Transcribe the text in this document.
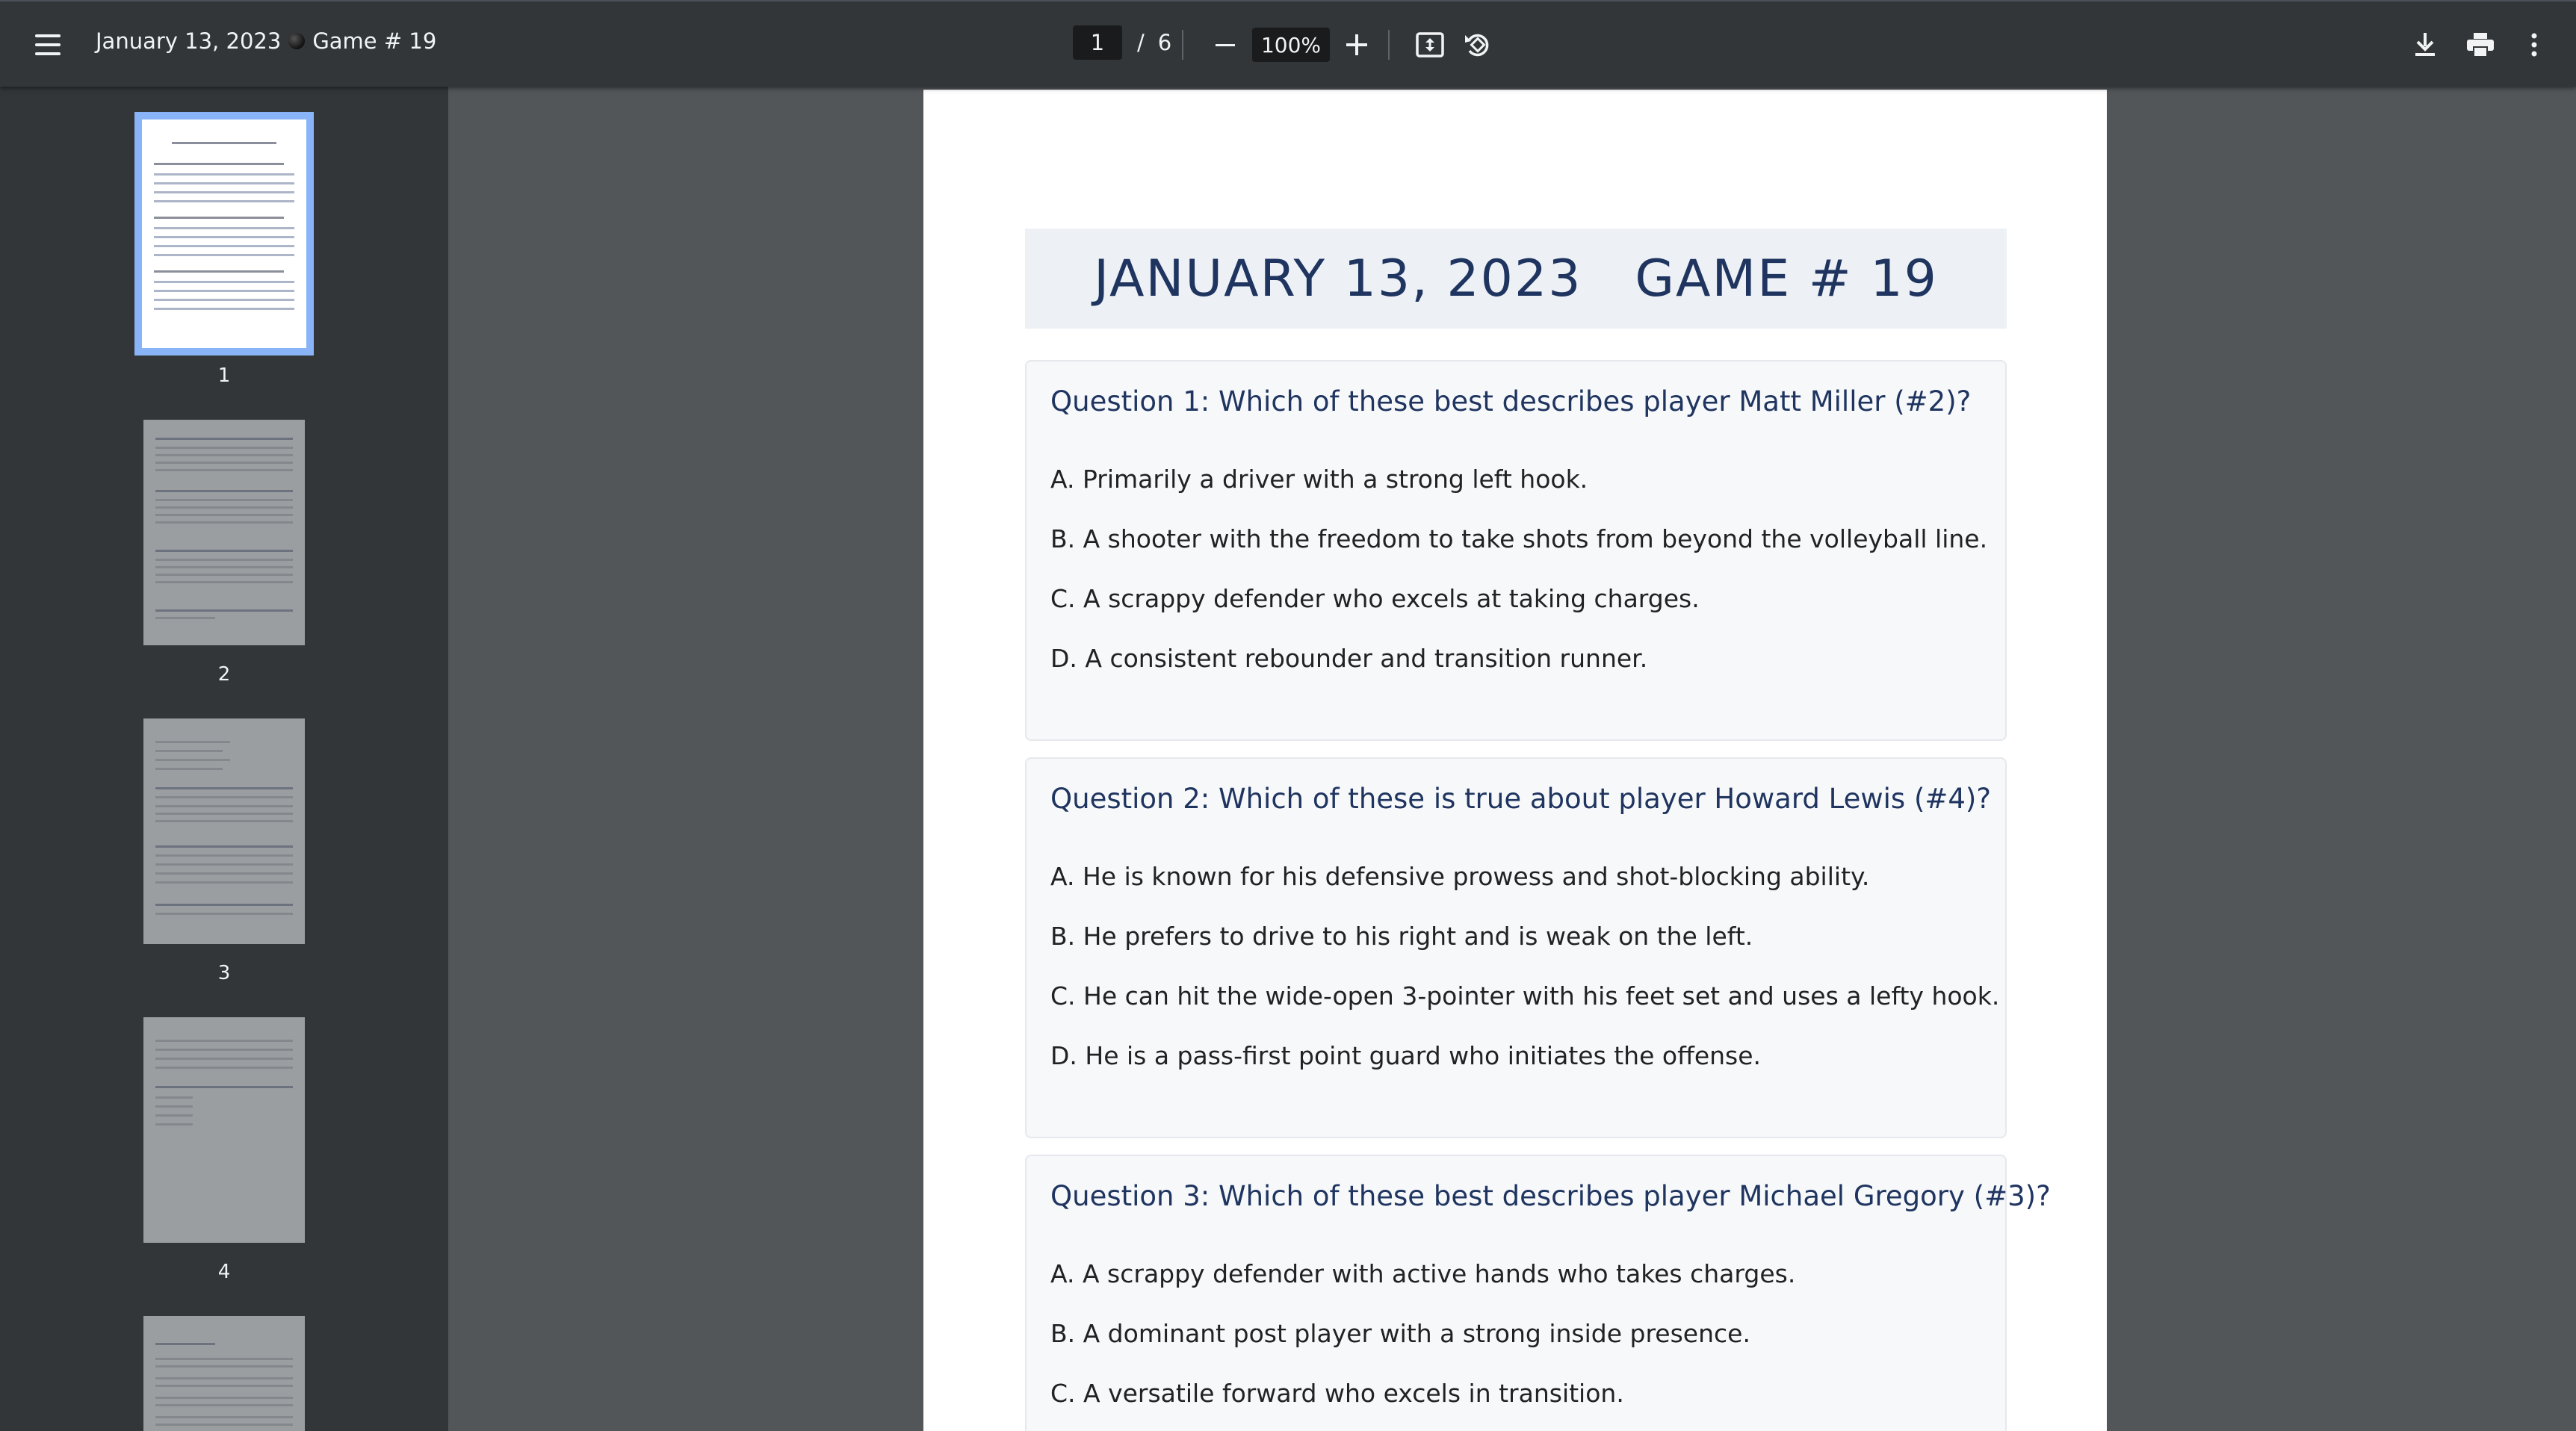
January 13, 2023 Game # 19
1	/ 6
100%
1
2
3
4
JANUARY 13, 2023   GAME # 19
Question 1: Which of these best describes player Matt Miller (#2)?
A. Primarily a driver with a strong left hook.
B. A shooter with the freedom to take shots from beyond the volleyball line.
C. A scrappy defender who excels at taking charges.
D. A consistent rebounder and transition runner.
Question 2: Which of these is true about player Howard Lewis (#4)?
A. He is known for his defensive prowess and shot-blocking ability.
B. He prefers to drive to his right and is weak on the left.
C. He can hit the wide-open 3-pointer with his feet set and uses a lefty hook.
D. He is a pass-first point guard who initiates the offense.
Question 3: Which of these best describes player Michael Gregory (#3)?
A. A scrappy defender with active hands who takes charges.
B. A dominant post player with a strong inside presence.
C. A versatile forward who excels in transition.
